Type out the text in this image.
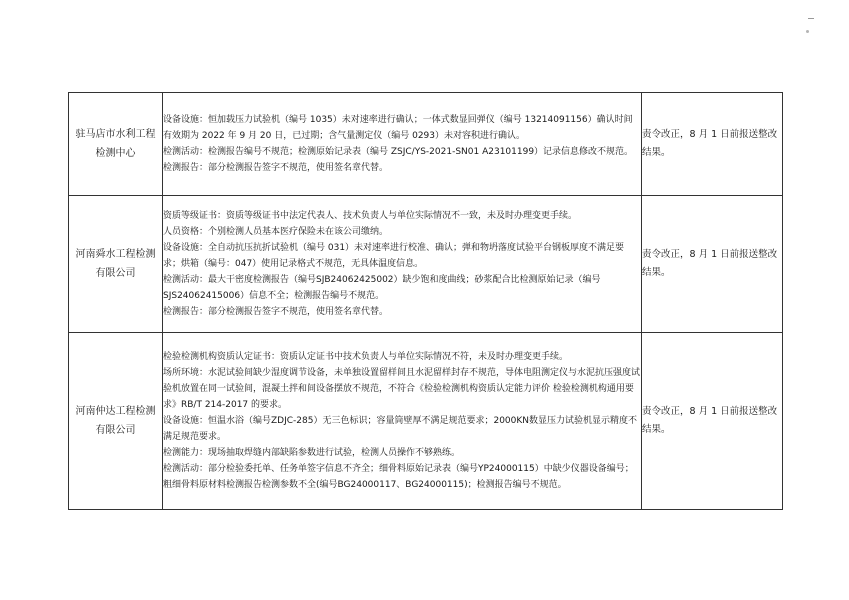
驻马店市水利工程
检测中心	设备设施：恒加载压力试验机（编号 1035）未对速率进行确认；一体式数显回弹仪（编号 13214091156）确认时间有效期为 2022 年 9 月 20 日，已过期；含气量测定仪（编号 0293）未对容积进行确认。
检测活动：检测报告编号不规范；检测原始记录表（编号 ZSJC/YS-2021-SN01 A23101199）记录信息修改不规范。
检测报告：部分检测报告签字不规范，使用签名章代替。	责令改正，8 月 1 日前报送整改结果。

河南舜水工程检测
有限公司	资质等级证书：资质等级证书中法定代表人、技术负责人与单位实际情况不一致，未及时办理变更手续。
人员资格：个别检测人员基本医疗保险未在该公司缴纳。
设备设施：全自动抗压抗折试验机（编号 031）未对速率进行校准、确认；弹和物坍落度试验平台钢板厚度不满足要求；烘箱（编号：047）使用记录格式不规范，无具体温度信息。
检测活动：最大干密度检测报告（编号SJB24062425002）缺少饱和度曲线；砂浆配合比检测原始记录（编号 SJS24062415006）信息不全；检测报告编号不规范。
检测报告：部分检测报告签字不规范，使用签名章代替。	责令改正，8 月 1 日前报送整改结果。

河南仲达工程检测
有限公司	检验检测机构资质认定证书：资质认定证书中技术负责人与单位实际情况不符，未及时办理变更手续。
场所环境：水泥试验间缺少湿度调节设备，未单独设置留样间且水泥留样封存不规范，导体电阻测定仪与水泥抗压强度试验机放置在同一试验间，混凝土拌和间设备摆放不规范，不符合《检验检测机构资质认定能力评价 检验检测机构通用要求》RB/T 214-2017 的要求。
设备设施：恒温水浴（编号ZDJC-285）无三色标识；容量筒壁厚不满足规范要求；2000KN数显压力试验机显示精度不满足规范要求。
检测能力：现场抽取焊缝内部缺陷参数进行试验，检测人员操作不够熟练。
检测活动：部分检验委托单、任务单签字信息不齐全；细骨料原始记录表（编号YP24000115）中缺少仪器设备编号；粗细骨料原材料检测报告检测参数不全(编号BG24000117、BG24000115)；检测报告编号不规范。	责令改正，8 月 1 日前报送整改结果。
